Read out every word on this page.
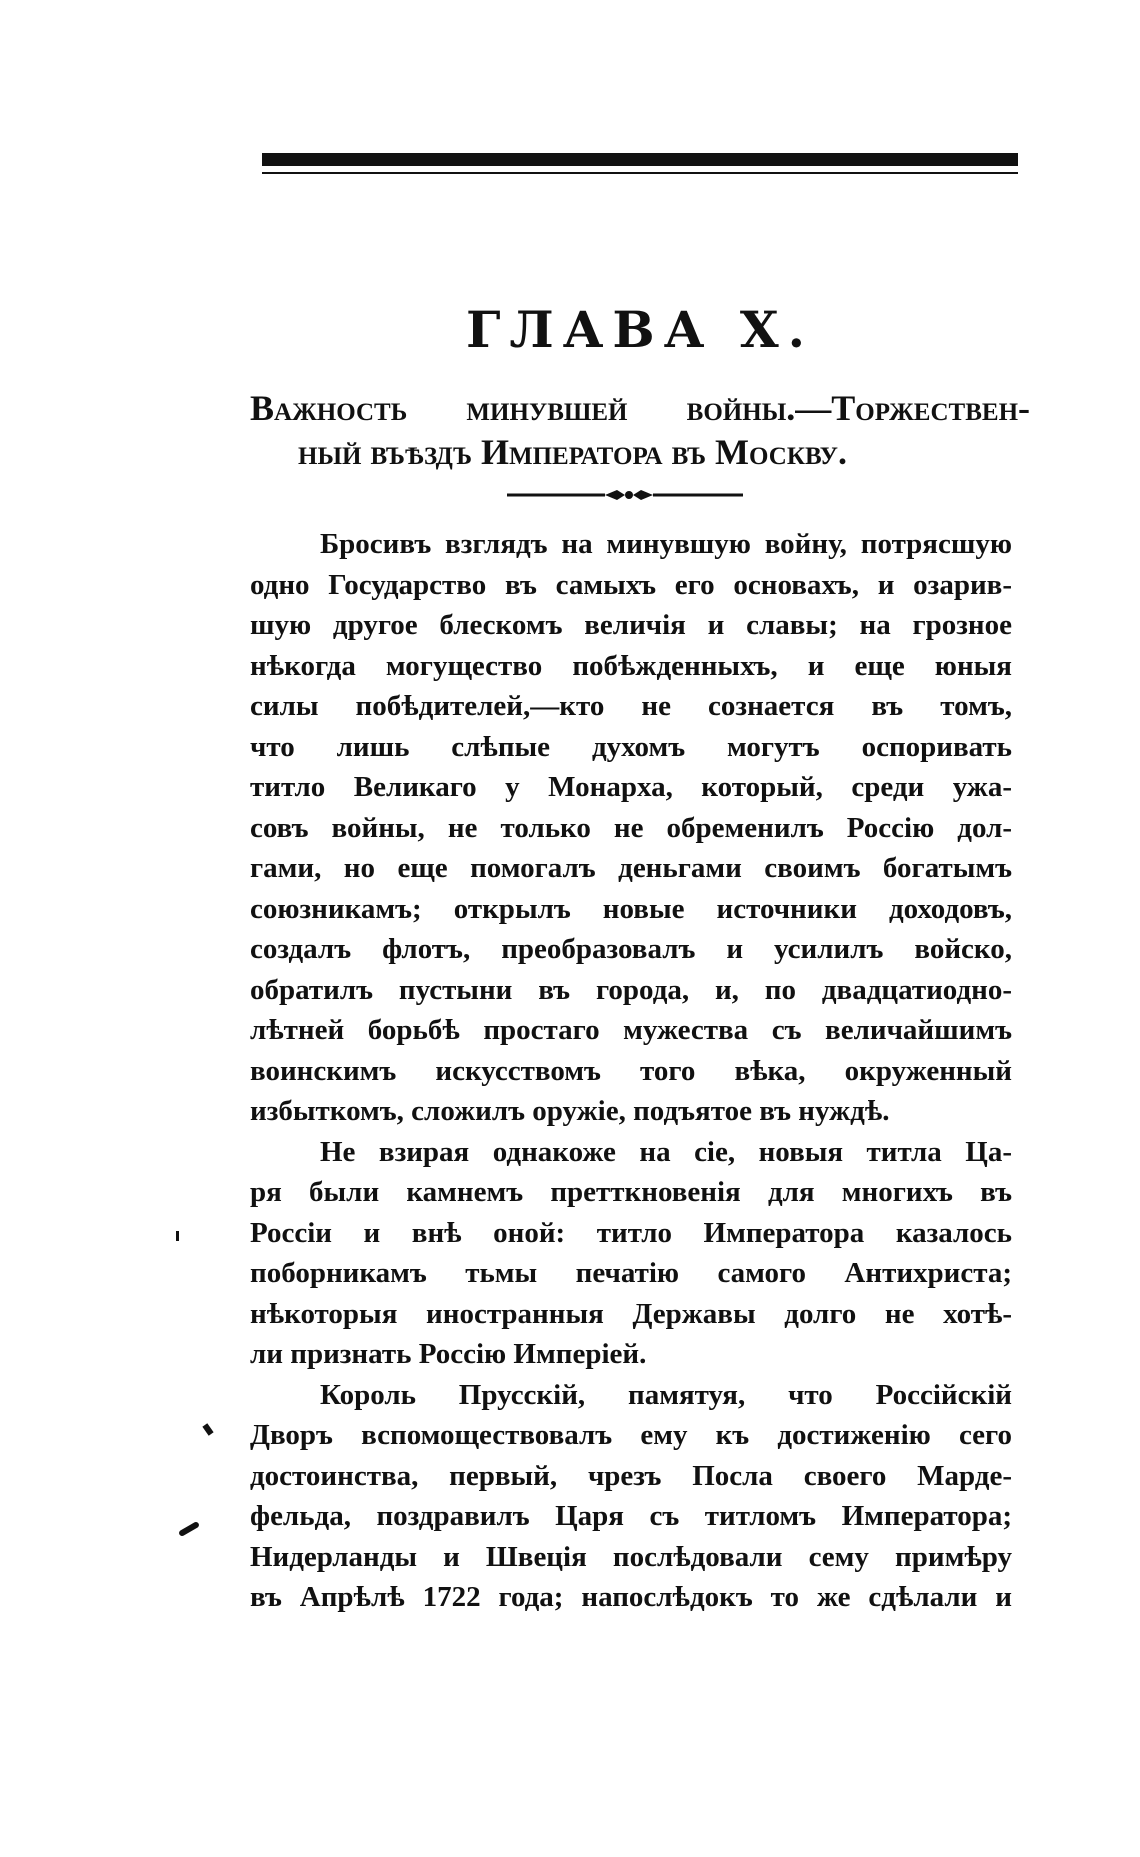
ГЛАВА X.
Важность минувшей войны.—Торжествен-
ный въѣздъ Императора въ Москву.
Бросивъ взглядъ на минувшую войну, потрясшую
одно Государство въ самыхъ его основахъ, и озарив-
шую другое блескомъ величія и славы; на грозное
нѣкогда могущество побѣжденныхъ, и еще юныя
силы побѣдителей,—кто не сознается въ томъ,
что лишь слѣпые духомъ могутъ оспоривать
титло Великаго у Монарха, который, среди ужа-
совъ войны, не только не обременилъ Россію дол-
гами, но еще помогалъ деньгами своимъ богатымъ
союзникамъ; открылъ новые источники доходовъ,
создалъ флотъ, преобразовалъ и усилилъ войско,
обратилъ пустыни въ города, и, по двадцатиодно-
лѣтней борьбѣ простаго мужества съ величайшимъ
воинскимъ искусствомъ того вѣка, окруженный
избыткомъ, сложилъ оружіе, подъятое въ нуждѣ.
Не взирая однакоже на сіе, новыя титла Ца-
ря были камнемъ претткновенія для многихъ въ
Россіи и внѣ оной: титло Императора казалось
поборникамъ тьмы печатію самого Антихриста;
нѣкоторыя иностранныя Державы долго не хотѣ-
ли признать Россію Имперіей.
Король Прусскій, памятуя, что Россійскій
Дворъ вспомоществовалъ ему къ достиженію сего
достоинства, первый, чрезъ Посла своего Марде-
фельда, поздравилъ Царя съ титломъ Императора;
Нидерланды и Швеція послѣдовали сему примѣру
въ Апрѣлѣ 1722 года; напослѣдокъ то же сдѣлали и
